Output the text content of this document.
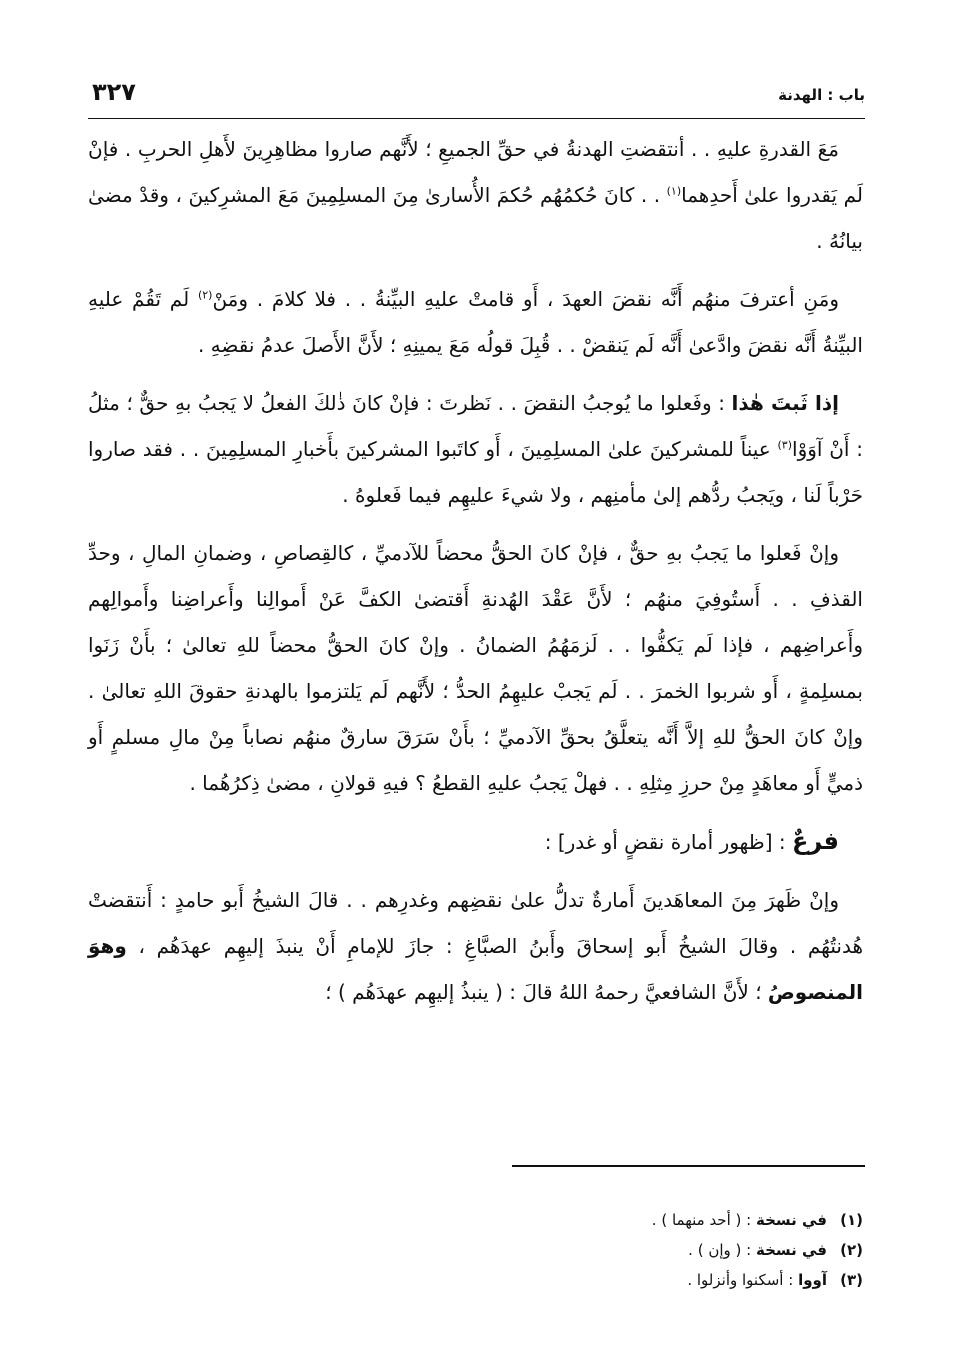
باب : الهدنة
٣٢٧

مَعَ القدرةِ عليهِ . . أنتقضتِ الهدنةُ في حقِّ الجميعِ ؛ لأَنَّهم صاروا مظاهِرِينَ لأَهلِ الحربِ . فإنْ لَم يَقدروا علىٰ أَحدِهما$^{(١)}$ . . كانَ حُكمُهُم حُكمَ الأُسارىٰ مِنَ المسلِمِينَ مَعَ المشرِكينَ ، وقدْ مضىٰ بيانُهُ .

ومَنِ أعترفَ منهُم أَنَّه نقضَ العهدَ ، أَو قامتْ عليهِ البيِّنةُ . . فلا كلامَ . ومَنْ$^{(٢)}$ لَم تَقُمْ عليهِ البيِّنةُ أَنَّه نقضَ وادَّعىٰ أَنَّه لَم يَنقضْ . . قُبِلَ قولُه مَعَ يمينِهِ ؛ لأَنَّ الأَصلَ عدمُ نقضِهِ .

إذا ثَبتَ هٰذا : وفَعلوا ما يُوجبُ النقضَ . . نَظرتَ : فإنْ كانَ ذٰلكَ الفعلُ لا يَجبُ بهِ حقٌّ ؛ مثلُ : أَنْ آوَوْا$^{(٣)}$ عيناً للمشركينَ علىٰ المسلِمِينَ ، أَو كاتَبوا المشركينَ بأَخبارِ المسلِمِينَ . . فقد صاروا حَرْباً لَنا ، ويَجبُ ردُّهم إلىٰ مأمنِهم ، ولا شيءَ عليهِم فيما فَعلوهُ .

وإنْ فَعلوا ما يَجبُ بهِ حقٌّ ، فإنْ كانَ الحقُّ محضاً للآدميِّ ، كالقِصاصِ ، وضمانِ المالِ ، وحدِّ القذفِ . . أَستُوفِيَ منهُم ؛ لأَنَّ عَقْدَ الهُدنةِ أَقتضىٰ الكفَّ عَنْ أَموالِنا وأَعراضِنا وأَموالِهم وأَعراضِهم ، فإذا لَم يَكفُّوا . . لَزمَهُمُ الضمانُ . وإنْ كانَ الحقُّ محضاً للهِ تعالىٰ ؛ بأَنْ زَنَوا بمسلِمةٍ ، أَو شربوا الخمرَ . . لَم يَجبْ عليهِمُ الحدُّ ؛ لأَنَّهم لَم يَلتزموا بالهدنةِ حقوقَ اللهِ تعالىٰ . وإنْ كانَ الحقُّ للهِ إلاَّ أَنَّه يتعلَّقُ بحقِّ الآدميِّ ؛ بأَنْ سَرَقَ سارقٌ منهُم نصاباً مِنْ مالِ مسلمٍ أَو ذميٍّ أَو معاهَدٍ مِنْ حرزِ مِثلِهِ . . فهلْ يَجبُ عليهِ القطعُ ؟ فيهِ قولانِ ، مضىٰ ذِكرُهُما .

فرعٌ : [ظهور أمارة نقضٍ أو غدر] :

وإنْ ظَهرَ مِنَ المعاهَدينَ أَمارةٌ تدلُّ علىٰ نقضِهم وغدرِهم . . قالَ الشيخُ أَبو حامدٍ : أَنتقضتْ هُدنتُهُم . وقالَ الشيخُ أَبو إسحاقَ وأَبنُ الصبَّاغِ : جازَ للإمامِ أَنْ ينبذَ إليهِم عهدَهُم ، وهوَ المنصوصُ ؛ لأَنَّ الشافعيَّ رحمهُ اللهُ قالَ : ( ينبذُ إليهِم عهدَهُم ) ؛

(١)في نسخة : ( أحد منهما ) .
(٢)في نسخة : ( وإن ) .
(٣)آووا : أسكنوا وأنزلوا .
